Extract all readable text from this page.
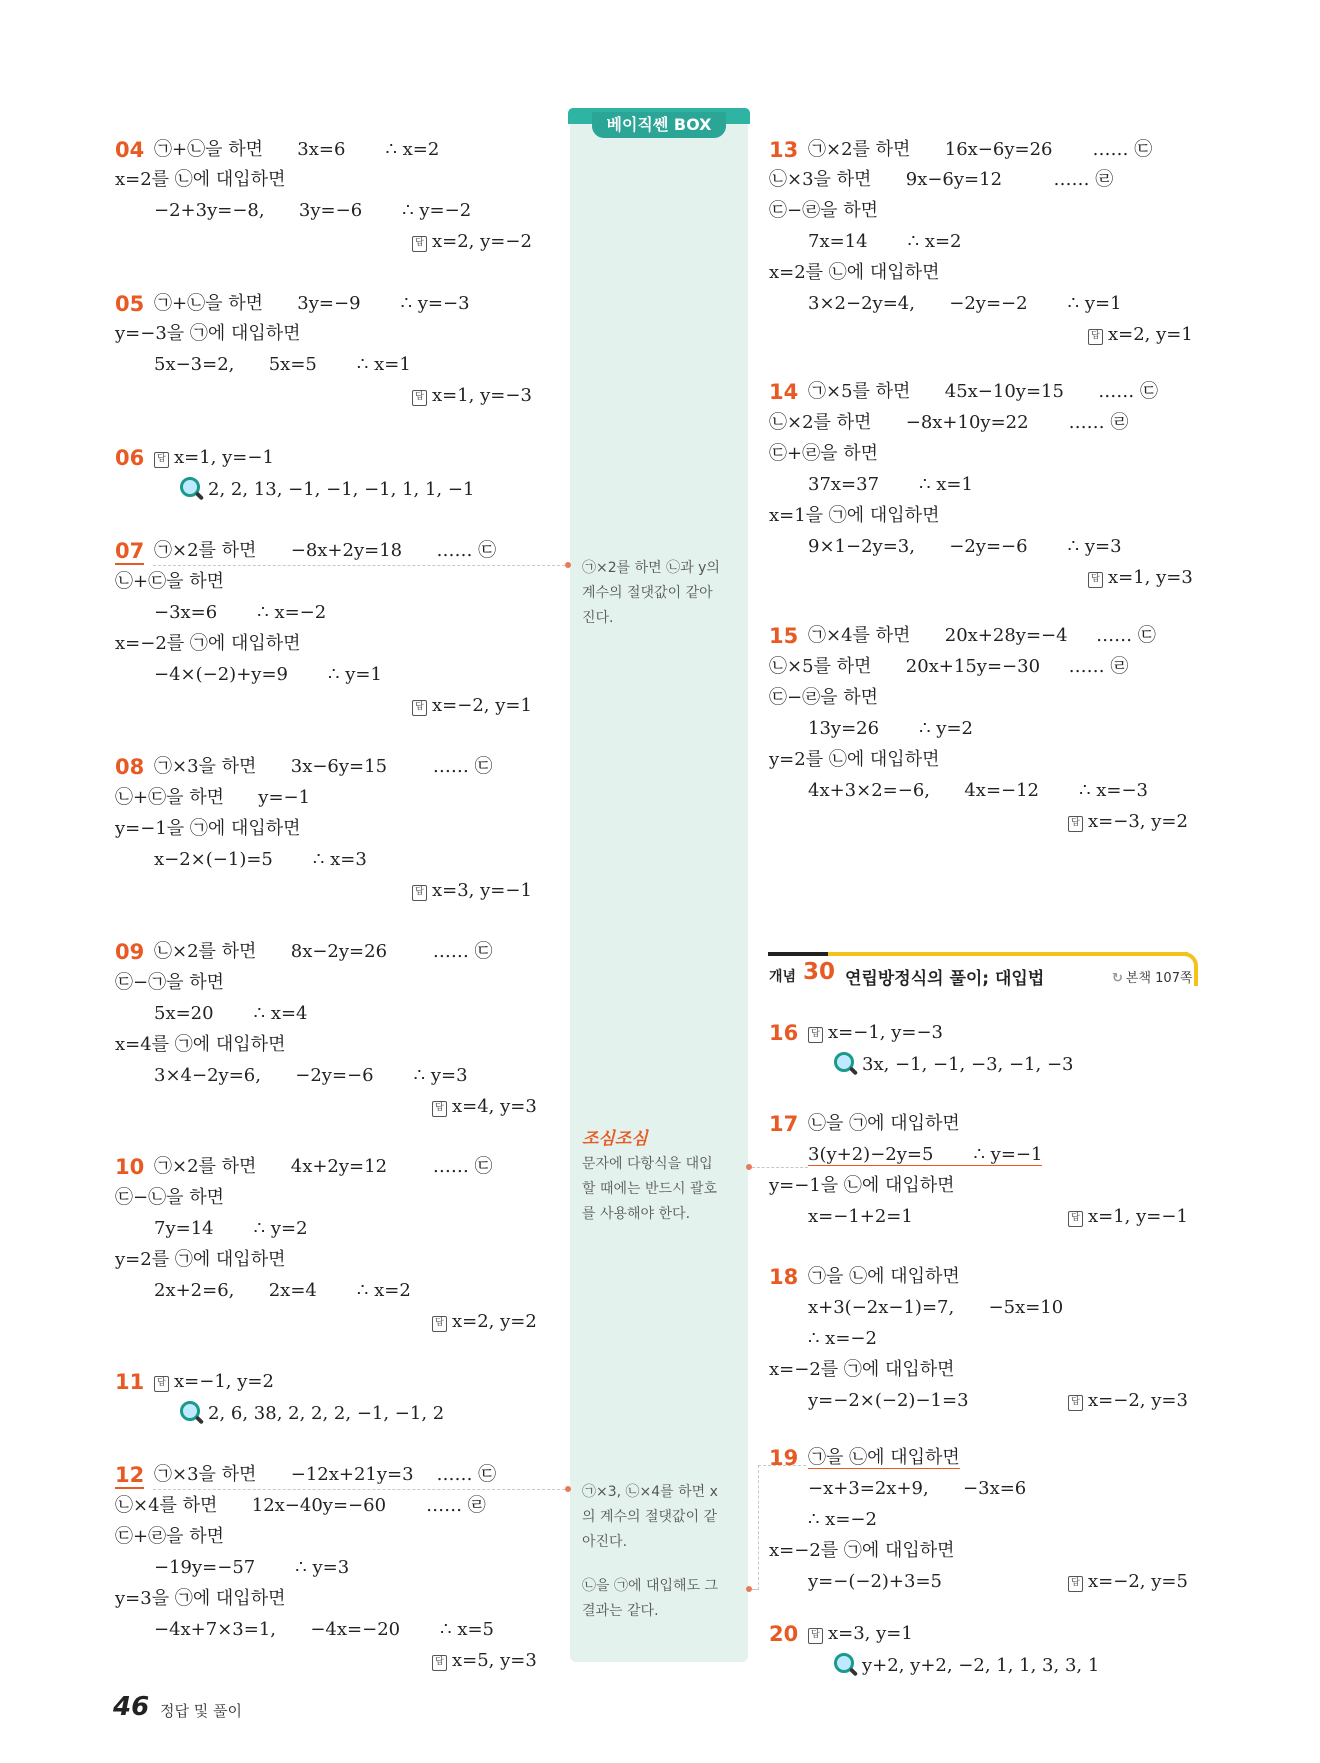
베이직쎈 BOX
04 ㉠+㉡을 하면      3x=6       ∴ x=2
x=2를 ㉡에 대입하면
−2+3y=−8,      3y=−6       ∴ y=−2
답 x=2, y=−2
05 ㉠+㉡을 하면      3y=−9       ∴ y=−3
y=−3을 ㉠에 대입하면
5x−3=2,      5x=5       ∴ x=1
답 x=1, y=−3
06	답 x=1, y=−1
2, 2, 13, −1, −1, −1, 1, 1, −1
07 ㉠×2를 하면      −8x+2y=18      …… ㉢
㉡+㉢을 하면
−3x=6       ∴ x=−2
x=−2를 ㉠에 대입하면
−4×(−2)+y=9       ∴ y=1
답 x=−2, y=1
08 ㉠×3을 하면      3x−6y=15        …… ㉢
㉡+㉢을 하면      y=−1
y=−1을 ㉠에 대입하면
x−2×(−1)=5       ∴ x=3
답 x=3, y=−1
09 ㉡×2를 하면      8x−2y=26        …… ㉢
㉢−㉠을 하면
5x=20       ∴ x=4
x=4를 ㉠에 대입하면
3×4−2y=6,      −2y=−6       ∴ y=3
답 x=4, y=3
10 ㉠×2를 하면      4x+2y=12        …… ㉢
㉢−㉡을 하면
7y=14       ∴ y=2
y=2를 ㉠에 대입하면
2x+2=6,      2x=4       ∴ x=2
답 x=2, y=2
11	답 x=−1, y=2
2, 6, 38, 2, 2, 2, −1, −1, 2
12 ㉠×3을 하면      −12x+21y=3    …… ㉢
㉡×4를 하면      12x−40y=−60       …… ㉣
㉢+㉣을 하면
−19y=−57       ∴ y=3
y=3을 ㉠에 대입하면
−4x+7×3=1,      −4x=−20       ∴ x=5
답 x=5, y=3
㉠×2를 하면 ㉡과 y의
계수의 절댓값이 같아
진다.
조심조심
문자에 다항식을 대입
할 때에는 반드시 괄호
를 사용해야 한다.
㉠×3, ㉡×4를 하면 x
의 계수의 절댓값이 같
아진다.
㉡을 ㉠에 대입해도 그
결과는 같다.
13 ㉠×2를 하면      16x−6y=26       …… ㉢
㉡×3을 하면      9x−6y=12         …… ㉣
㉢−㉣을 하면
7x=14       ∴ x=2
x=2를 ㉡에 대입하면
3×2−2y=4,      −2y=−2       ∴ y=1
답 x=2, y=1
14 ㉠×5를 하면      45x−10y=15      …… ㉢
㉡×2를 하면      −8x+10y=22       …… ㉣
㉢+㉣을 하면
37x=37       ∴ x=1
x=1을 ㉠에 대입하면
9×1−2y=3,      −2y=−6       ∴ y=3
답 x=1, y=3
15 ㉠×4를 하면      20x+28y=−4     …… ㉢
㉡×5를 하면      20x+15y=−30     …… ㉣
㉢−㉣을 하면
13y=26       ∴ y=2
y=2를 ㉡에 대입하면
4x+3×2=−6,      4x=−12       ∴ x=−3
답 x=−3, y=2
개념 30 연립방정식의 풀이; 대입법	↻ 본책 107쪽
16	답 x=−1, y=−3
3x, −1, −1, −3, −1, −3
17 ㉡을 ㉠에 대입하면
3(y+2)−2y=5       ∴ y=−1
y=−1을 ㉡에 대입하면
x=−1+2=1	답 x=1, y=−1
18 ㉠을 ㉡에 대입하면
x+3(−2x−1)=7,      −5x=10
∴ x=−2
x=−2를 ㉠에 대입하면
y=−2×(−2)−1=3	답 x=−2, y=3
19 ㉠을 ㉡에 대입하면
−x+3=2x+9,      −3x=6
∴ x=−2
x=−2를 ㉠에 대입하면
y=−(−2)+3=5	답 x=−2, y=5
20	답 x=3, y=1
y+2, y+2, −2, 1, 1, 3, 3, 1
46 정답 및 풀이
